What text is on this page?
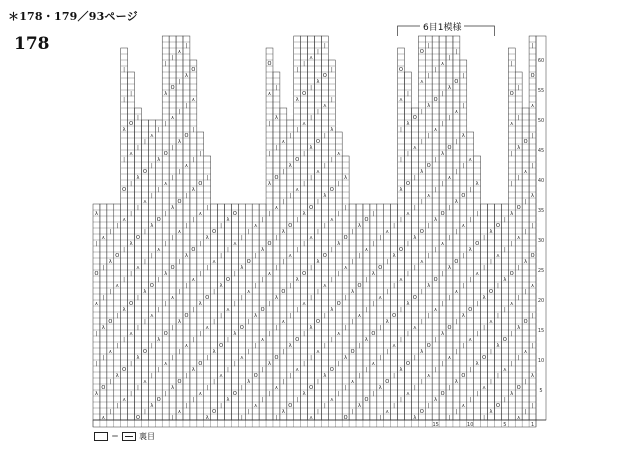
＊178・179／93ページ
178
λ
|
|
⋏
O
|
λ
⋏
O
|
λ
|
|
⋏
|
|
⋏
O
|
λ
|
|
λ
|
|
⋏
O
|
⋏
O
|
λ
|
|
⋏
O
|
λ
|
|
|
|
⋏
O
|
λ
|
|
⋏
O
|
O
|
λ
|
|
⋏
O
|
λ
|
|
|
⋏
O
|
λ
|
|
⋏
O
|
λ
|
|
⋏
O
|
λ
|
|
⋏
O
|
λ
|
|
⋏
O
|
λ
|
|
⋏
O
|
λ
|
|
⋏
O
|
λ
|
|
λ
|
|
⋏
O
|
λ
|
|
⋏
O
|
⋏
O
|
λ
|
|
⋏
O
|
λ
|
|
⋏
|
|
⋏
O
|
λ
|
|
⋏
O
|
λ
|
|
λ
|
|
⋏
O
|
λ
|
|
⋏
O
⋏
O
|
λ
|
|
⋏
O
|
λ
|
|
⋏
O
|
λ
|
|
O
|
λ
|
|
⋏
O
|
⋏
O
|
λ
|
|
λ
|
|
⋏
O
|
λ
O
|
λ
|
|
⋏
O
|
|
⋏
O
|
λ
|
|
λ
|
|
⋏
O
|
⋏
O
|
λ
|
|
⋏
|
|
⋏
O
|
λ
|
|
λ
|
|
⋏
O
|
λ
|
|
⋏
O
|
⋏
O
|
λ
|
|
⋏
O
|
λ
|
λ
|
|
⋏
O
|
λ
|
|
⋏
O
|
λ
|
|
⋏
O
|
λ
|
|
⋏
O
|
λ
|
|
⋏
O
|
λ
|
λ
|
|
⋏
O
|
λ
|
|
⋏
O
|
⋏
O
|
λ
|
|
⋏
O
|
λ
|
|
⋏
|
|
⋏
O
|
λ
|
|
⋏
O
|
λ
|
|
λ
|
|
⋏
O
|
λ
|
|
⋏
O
|
⋏
O
|
λ
|
|
⋏
O
|
λ
|
|
|
|
⋏
O
|
λ
|
|
⋏
O
|
λ
|
|
⋏
O
|
λ
|
⋏
O
|
λ
|
|
λ
|
|
⋏
O
|
λ
O
|
λ
|
|
⋏
O
|
⋏
O
|
λ
|
|
|
λ
|
|
⋏
O
|
⋏
O
|
λ
|
|
⋏
|
|
⋏
O
|
λ
|
|
λ
|
|
⋏
O
|
λ
|
|
⋏
O
⋏
O
|
λ
|
|
⋏
O
|
λ
|
λ
|
|
⋏
O
|
λ
|
|
⋏
O
O
|
λ
|
|
⋏
O
|
λ
|
|
⋏
O
|
⋏
O
|
λ
|
|
⋏
O
|
λ
|
|
λ
|
|
⋏
O
|
λ
|
|
⋏
O
|
O
|
λ
|
|
⋏
O
|
λ
|
|
⋏
|
|
⋏
O
|
λ
|
|
⋏
O
|
λ
|
|
λ
|
|
⋏
O
|
λ
|
|
⋏
O
|
⋏
O
|
λ
|
|
⋏
O
|
λ
|
|
|
|
⋏
O
|
λ
|
|
⋏
|
λ
|
|
⋏
O
|
λ
|
⋏
O
|
λ
|
|
λ
|
|
⋏
O
|
λ
O
|
λ
|
|
⋏
O
|
⋏
O
|
λ
|
|
λ
|
|
⋏
O
|
λ
|
|
⋏
O
|
⋏
O
|
λ
|
|
⋏
O
|
λ
|
|
|
|
⋏
O
|
λ
|
|
⋏
O
|
λ
|
|
⋏
O
|
λ
|
|
⋏
O
|
5
10
15
20
25
30
35
40
45
50
55
60
1
5
10
15
6目1模様
＝	裏目
